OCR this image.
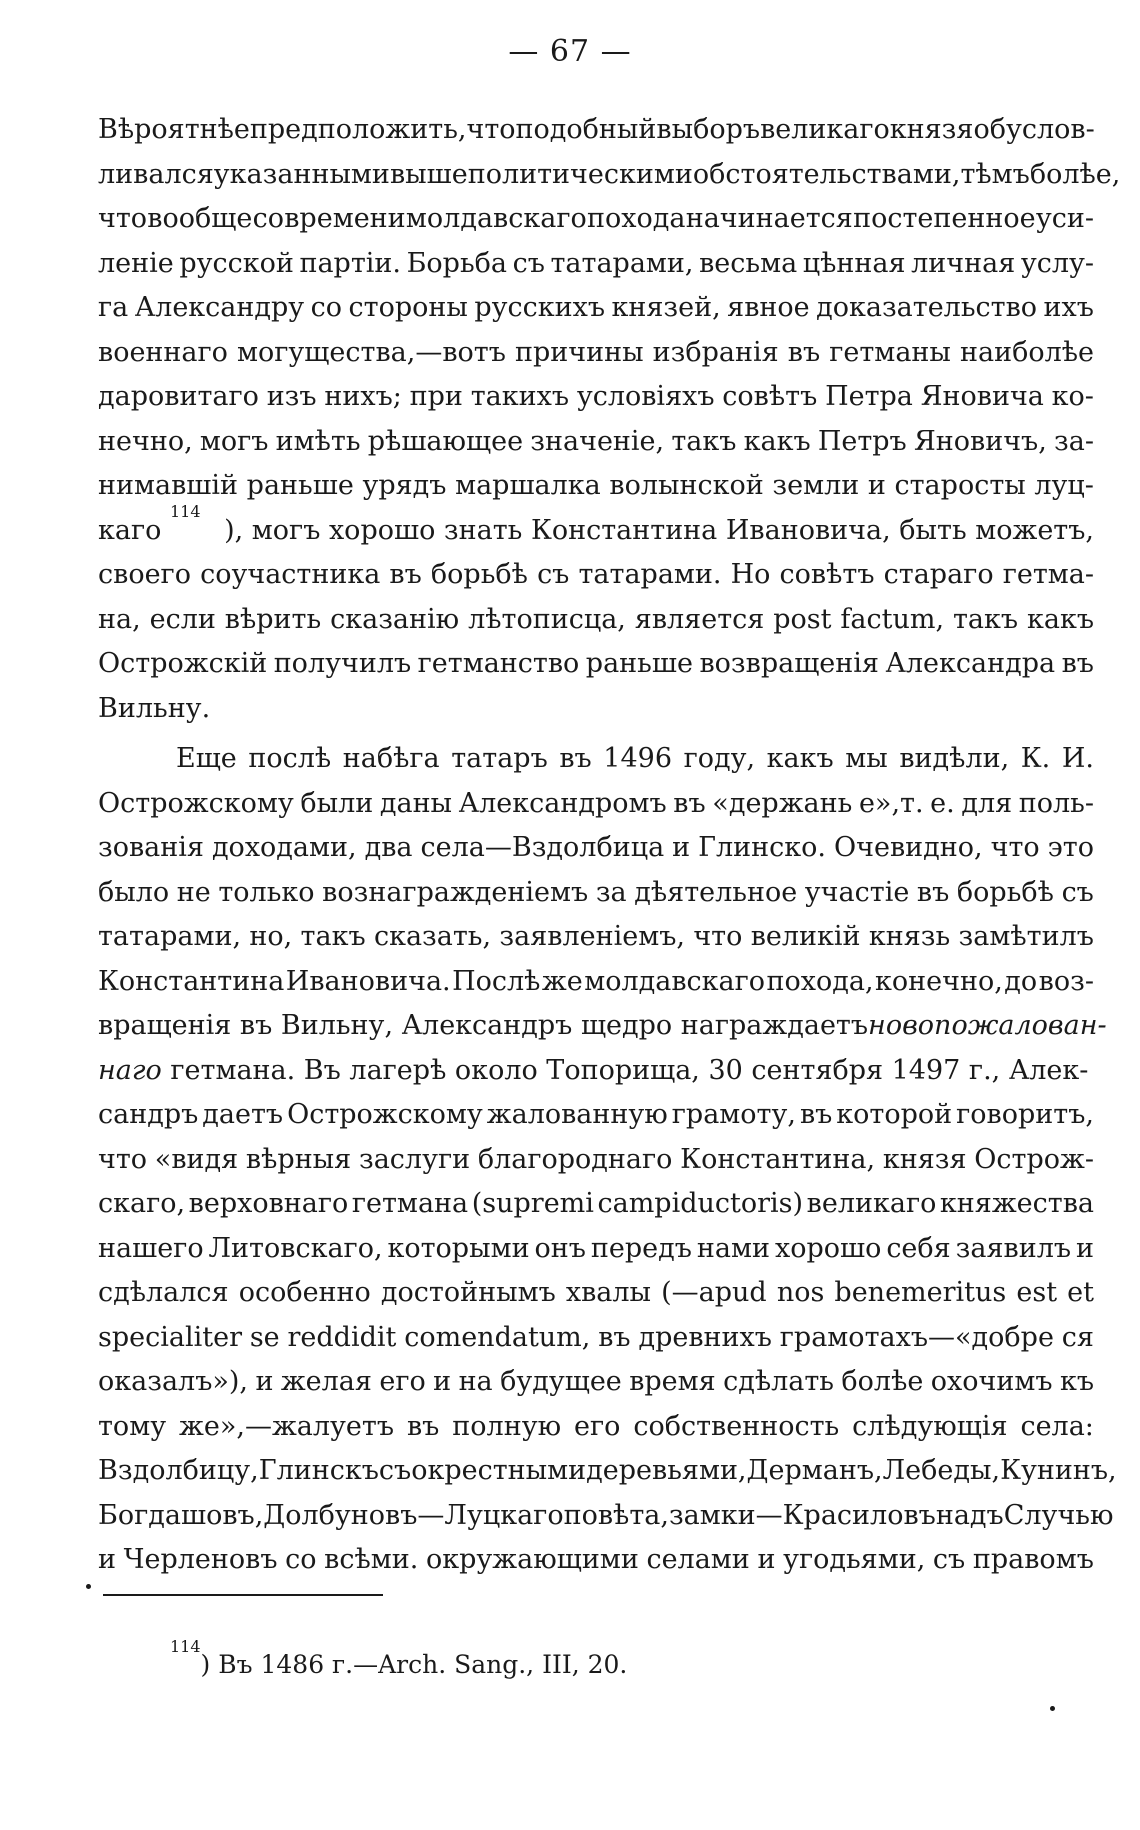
— 67 —
Вѣроятнѣе предположить, что подобный выборъ великаго князя обуслов-
ливался указанными выше политическими обстоятельствами, тѣмъ болѣе,
что вообще со времени молдавскаго похода начинается постепенное уси-
леніе русской партіи. Борьба съ татарами, весьма цѣнная личная услу-
га Александру со стороны русскихъ князей, явное доказательство ихъ
военнаго могущества,—вотъ причины избранія въ гетманы наиболѣе
даровитаго изъ нихъ; при такихъ условіяхъ совѣтъ Петра Яновича ко-
нечно, могъ имѣть рѣшающее значеніе, такъ какъ Петръ Яновичъ, за-
нимавшій раньше урядъ маршалка волынской земли и старосты луц-
каго $^{114}$
), могъ хорошо знать Константина Ивановича, быть можетъ,
своего соучастника въ борьбѣ съ татарами. Но совѣтъ стараго гетма-
на, если вѣрить сказанію лѣтописца, является post factum, такъ какъ
Острожскій получилъ гетманство раньше возвращенія Александра въ
Вильну.
Еще послѣ набѣга татаръ въ 1496 году, какъ мы видѣли, К. И.
Острожскому были даны Александромъ въ «держань е»,т. е. для поль-
зованія доходами, два села—Вздолбица и Глинско. Очевидно, что это
было не только вознагражденіемъ за дѣятельное участіе въ борьбѣ съ
татарами, но, такъ сказать, заявленіемъ, что великій князь замѣтилъ
Константина Ивановича. Послѣ же молдавскаго похода, конечно, до воз-
вращенія въ Вильну, Александръ щедро награждаетъ новопожалован-
наго гетмана. Въ лагерѣ около Топорища, 30 сентября 1497 г., Алек-
сандръ даетъ Острожскому жалованную грамоту, въ которой говоритъ,
что «видя вѣрныя заслуги благороднаго Константина, князя Острож-
скаго, верховнаго гетмана (supremi campiductoris) великаго княжества
нашего Литовскаго, которыми онъ передъ нами хорошо себя заявилъ и
сдѣлался особенно достойнымъ хвалы (—apud nos benemeritus est et
specialiter se reddidit comendatum, въ древнихъ грамотахъ—«добре ся
оказалъ»), и желая его и на будущее время сдѣлать болѣе охочимъ къ
тому же»,—жалуетъ въ полную его собственность слѣдующія села:
Вздолбицу, Глинскъ съ окрестными деревьями, Дерманъ, Лебеды, Кунинъ,
Богдашовъ, Долбуновъ—Луцкаго повѣта, замки—Красиловъ надъ Случью
и Черленовъ со всѣми. окружающими селами и угодьями, съ правомъ
$^{114}$) Въ 1486 г.—Arch. Sang., III, 20.
